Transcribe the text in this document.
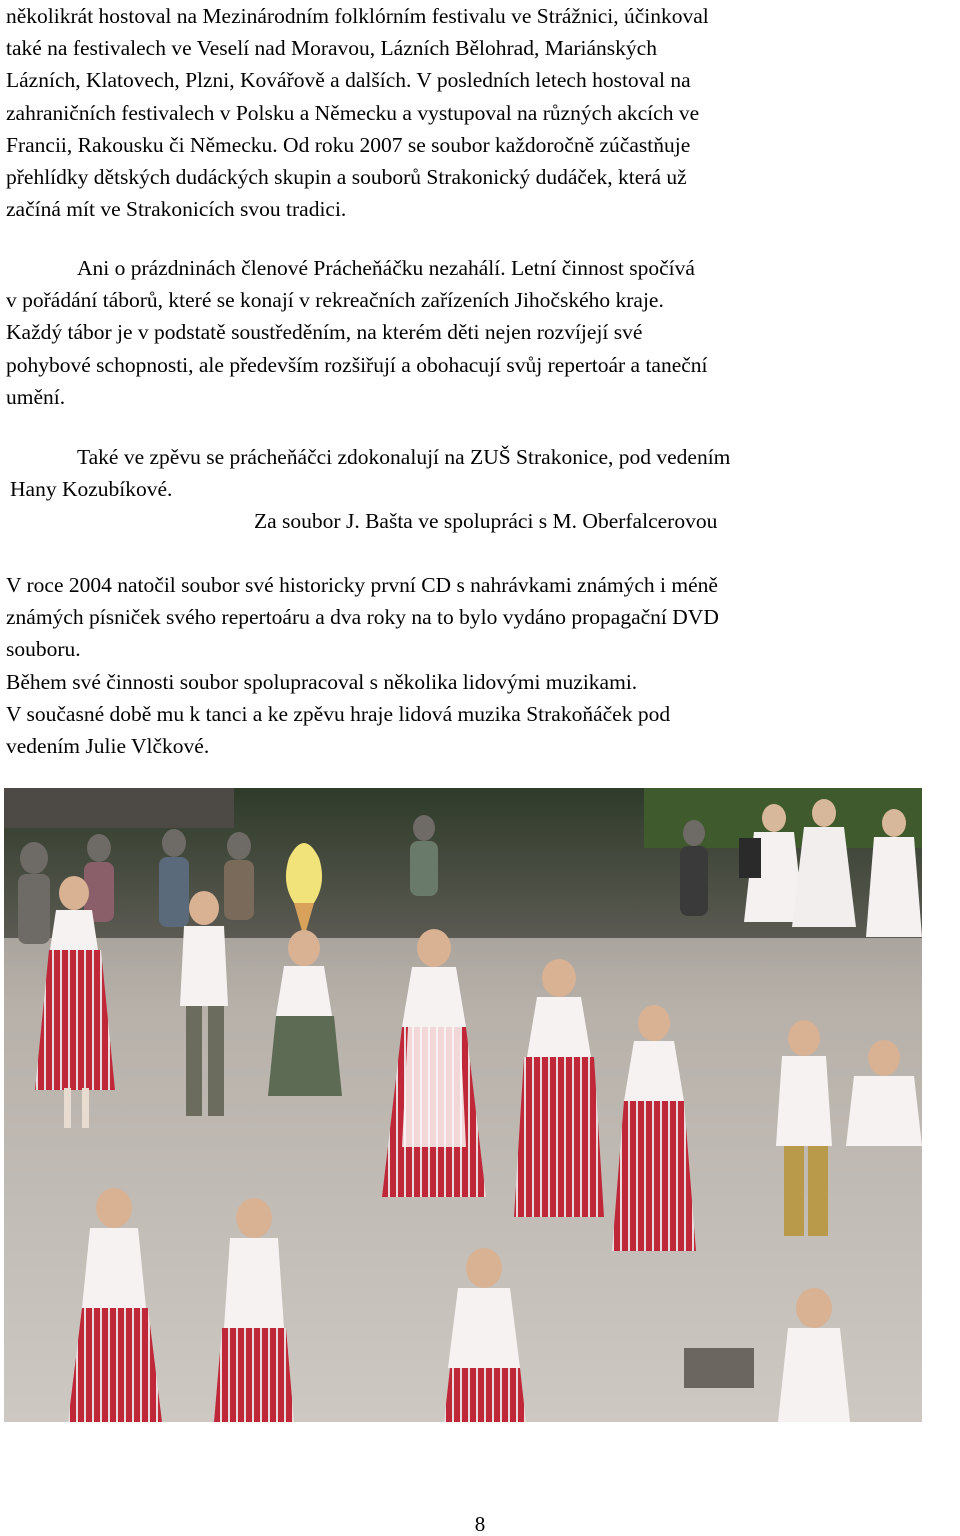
několikrát hostoval na Mezinárodním folklórním festivalu ve Strážnici, účinkoval
také na festivalech ve Veselí nad Moravou, Lázních Bělohrad, Mariánských
Lázních, Klatovech, Plzni, Kovářově a dalších. V posledních letech hostoval na
zahraničních festivalech v Polsku a Německu a vystupoval na různých akcích ve
Francii, Rakousku či Německu. Od roku 2007 se soubor každoročně zúčastňuje
přehlídky dětských dudáckých skupin a souborů Strakonický dudáček, která už
začíná mít ve Strakonicích svou tradici.

Ani o prázdninách členové Prácheňáčku nezahálí. Letní činnost spočívá
v pořádání táborů, které se konají v rekreačních zařízeních Jihočského kraje.
Každý tábor je v podstatě soustředěním, na kterém děti nejen rozvíjejí své
pohybové schopnosti, ale především rozšiřují a obohacují svůj repertoár a taneční
umění.

Také ve zpěvu se prácheňáčci zdokonalují na ZUŠ Strakonice, pod vedením
Hany Kozubíkové.
Za soubor J. Bašta ve spolupráci s M. Oberfalcerovou

V roce 2004 natočil soubor své historicky první CD s nahrávkami známých i méně
známých písniček svého repertoáru a dva roky na to bylo vydáno propagační DVD
souboru.
Během své činnosti soubor spolupracoval s několika lidovými muzikami.
V současné době mu k tanci a ke zpěvu hraje lidová muzika Strakoňáček pod
vedením Julie Vlčkové.

8
